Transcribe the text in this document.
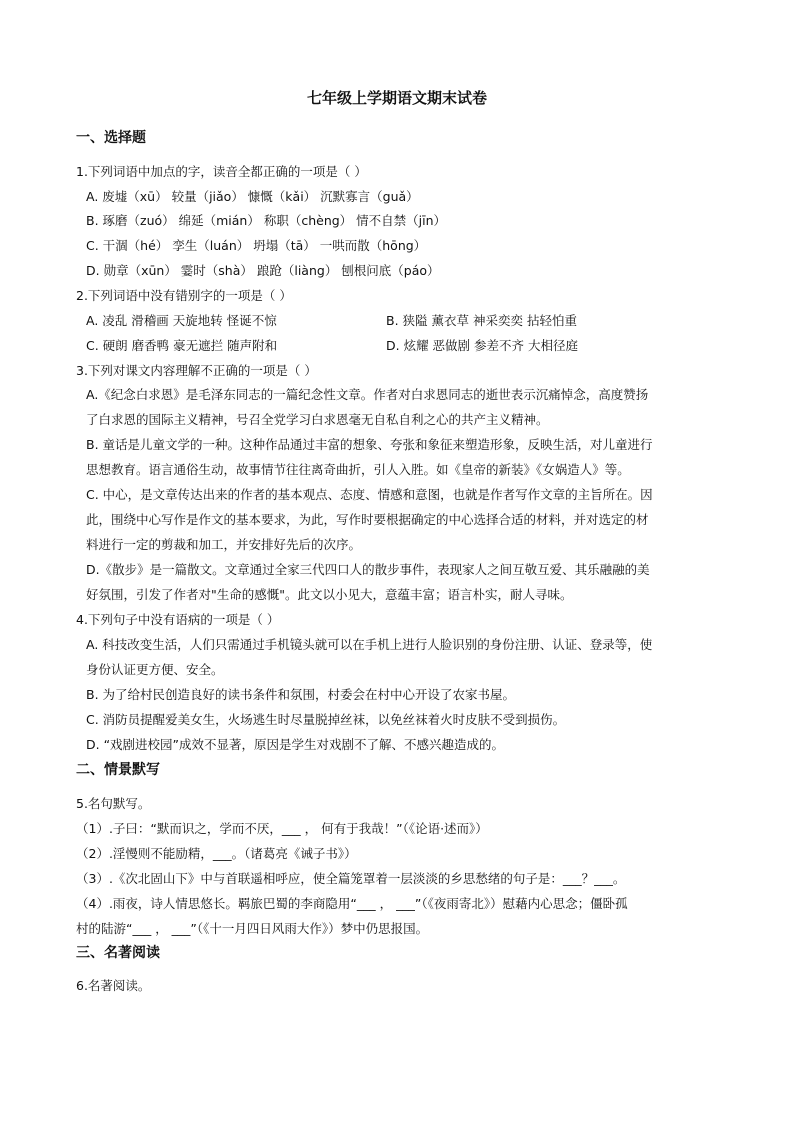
七年级上学期语文期末试卷
一、选择题
1.下列词语中加点的字，读音全都正确的一项是（ ）
A. 废墟（xū） 较量（jiǎo） 慷慨（kǎi） 沉默寡言（guǎ）
B. 琢磨（zuó） 绵延（mián） 称职（chèng） 情不自禁（jīn）
C. 干涸（hé） 孪生（luán） 坍塌（tā） 一哄而散（hōng）
D. 勋章（xūn） 霎时（shà） 踉跄（liàng） 刨根问底（páo）
2.下列词语中没有错别字的一项是（ ）
A. 凌乱 滑稽画 天旋地转 怪诞不惊	B. 狭隘 薰衣草 神采奕奕 拈轻怕重
C. 硬朗 磨香鸭 豪无遮拦 随声附和	D. 炫耀 恶做剧 参差不齐 大相径庭
3.下列对课文内容理解不正确的一项是（ ）
A.《纪念白求恩》是毛泽东同志的一篇纪念性文章。作者对白求恩同志的逝世表示沉痛悼念，高度赞扬
了白求恩的国际主义精神，号召全党学习白求恩毫无自私自利之心的共产主义精神。
B. 童话是儿童文学的一种。这种作品通过丰富的想象、夸张和象征来塑造形象，反映生活，对儿童进行
思想教育。语言通俗生动，故事情节往往离奇曲折，引人入胜。如《皇帝的新装》《女娲造人》等。
C. 中心，是文章传达出来的作者的基本观点、态度、情感和意图，也就是作者写作文章的主旨所在。因
此，围绕中心写作是作文的基本要求，为此，写作时要根据确定的中心选择合适的材料，并对选定的材
料进行一定的剪裁和加工，并安排好先后的次序。
D.《散步》是一篇散文。文章通过全家三代四口人的散步事件，表现家人之间互敬互爱、其乐融融的美
好氛围，引发了作者对"生命的感慨"。此文以小见大，意蕴丰富；语言朴实，耐人寻味。
4.下列句子中没有语病的一项是（ ）
A. 科技改变生活，人们只需通过手机镜头就可以在手机上进行人脸识别的身份注册、认证、登录等，使
身份认证更方便、安全。
B. 为了给村民创造良好的读书条件和氛围，村委会在村中心开设了农家书屋。
C. 消防员提醒爱美女生，火场逃生时尽量脱掉丝袜，以免丝袜着火时皮肤不受到损伤。
D. “戏剧进校园”成效不显著，原因是学生对戏剧不了解、不感兴趣造成的。
二、情景默写
5.名句默写。
（1）.子曰：“默而识之，学而不厌，___ ， 何有于我哉！”（《论语·述而》）
（2）.淫慢则不能励精，___。（诸葛亮《诫子书》）
（3）.《次北固山下》中与首联遥相呼应，使全篇笼罩着一层淡淡的乡思愁绪的句子是：___？___。
（4）.雨夜，诗人情思悠长。羁旅巴蜀的李商隐用“___ ， ___”（《夜雨寄北》）慰藉内心思念；僵卧孤
村的陆游“___ ， ___”（《十一月四日风雨大作》）梦中仍思报国。
三、名著阅读
6.名著阅读。
